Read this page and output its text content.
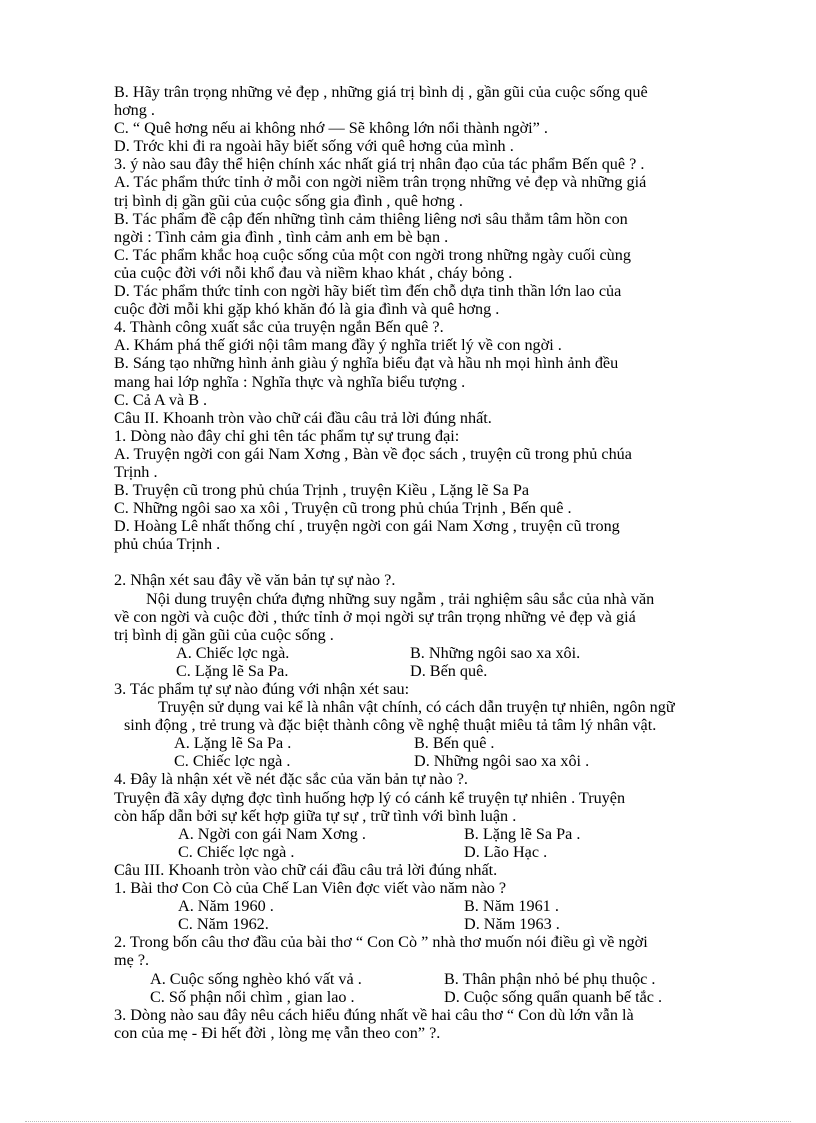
B. Hãy trân trọng những vẻ đẹp , những giá trị bình dị , gần gũi của cuộc sống quê
hơng .
C. “ Quê hơng nếu ai không nhớ — Sẽ không lớn nổi thành ngời” .
D. Trớc khi đi ra ngoài hãy biết sống với quê hơng của mình .
3. ý nào sau đây thể hiện chính xác nhất giá trị nhân đạo của tác phẩm Bến quê ? .
A. Tác phẩm thức tỉnh ở mỗi con ngời niềm trân trọng những vẻ đẹp và những giá
trị bình dị gần gũi của cuộc sống gia đình , quê hơng .
B. Tác phẩm đề cập đến những tình cảm thiêng liêng nơi sâu thẳm tâm hồn con
ngời : Tình cảm gia đình , tình cảm anh em bè bạn .
C. Tác phẩm khắc hoạ cuộc sống của một con ngời trong những ngày cuối cùng
của cuộc đời với nỗi khổ đau và niềm khao khát , cháy bỏng .
D. Tác phẩm thức tỉnh con ngời hãy biết tìm đến chỗ dựa tinh thần lớn lao của
cuộc đời mỗi khi gặp khó khăn đó là gia đình và quê hơng .
4. Thành công xuất sắc của truyện ngắn Bến quê ?.
A. Khám phá thế giới nội tâm mang đầy ý nghĩa triết lý về con ngời .
B. Sáng tạo những hình ảnh giàu ý nghĩa biểu đạt và hầu nh mọi hình ảnh đều
mang hai lớp nghĩa : Nghĩa thực và nghĩa biểu tượng .
C. Cả A và B .
Câu II. Khoanh tròn vào chữ cái đầu câu trả lời đúng nhất.
1. Dòng nào đây chỉ ghi tên tác phẩm tự sự trung đại:
A. Truyện ngời con gái Nam Xơng , Bàn về đọc sách , truyện cũ trong phủ chúa
Trịnh .
B. Truyện cũ trong phủ chúa Trịnh , truyện Kiều , Lặng lẽ Sa Pa
C. Những ngôi sao xa xôi , Truyện cũ trong phủ chúa Trịnh , Bến quê .
D. Hoàng Lê nhất thống chí , truyện ngời con gái Nam Xơng , truyện cũ trong
phủ chúa Trịnh .
2. Nhận xét sau đây về văn bản tự sự nào ?.
Nội dung truyện chứa đựng những suy ngẫm , trải nghiệm sâu sắc của nhà văn
về con ngời và cuộc đời , thức tỉnh ở mọi ngời sự trân trọng những vẻ đẹp và giá
trị bình dị gần gũi của cuộc sống .
A. Chiếc lợc ngà.	B. Những ngôi sao xa xôi.
C. Lặng lẽ Sa Pa.	D. Bến quê.
3. Tác phẩm tự sự nào đúng với nhận xét sau:
Truyện sử dụng vai kể là nhân vật chính, có cách dẫn truyện tự nhiên, ngôn ngữ
sinh động , trẻ trung và đặc biệt thành công về nghệ thuật miêu tả tâm lý nhân vật.
A. Lặng lẽ Sa Pa .	B. Bến quê .
C. Chiếc lợc ngà .	D. Những ngôi sao xa xôi .
4. Đây là nhận xét về nét đặc sắc của văn bản tự nào ?.
Truyện đã xây dựng đợc tình huống hợp lý có cánh kể truyện tự nhiên . Truyện
còn hấp dẫn bởi sự kết hợp giữa tự sự , trữ tình với bình luận .
A. Ngời con gái Nam Xơng .	B. Lặng lẽ Sa Pa .
C. Chiếc lợc ngà .	D. Lão Hạc .
Câu III. Khoanh tròn vào chữ cái đầu câu trả lời đúng nhất.
1. Bài thơ Con Cò của Chế Lan Viên đợc viết vào năm nào ?
A. Năm 1960 .	B. Năm 1961 .
C. Năm 1962.	D. Năm 1963 .
2. Trong bốn câu thơ đầu của bài thơ “ Con Cò ” nhà thơ muốn nói điều gì về ngời
mẹ ?.
A. Cuộc sống nghèo khó vất vả .	B. Thân phận nhỏ bé phụ thuộc .
C. Số phận nổi chìm , gian lao .	D. Cuộc sống quẩn quanh bế tắc .
3. Dòng nào sau đây nêu cách hiểu đúng nhất về hai câu thơ “ Con dù lớn vẫn là
con của mẹ - Đi hết đời , lòng mẹ vẫn theo con” ?.
